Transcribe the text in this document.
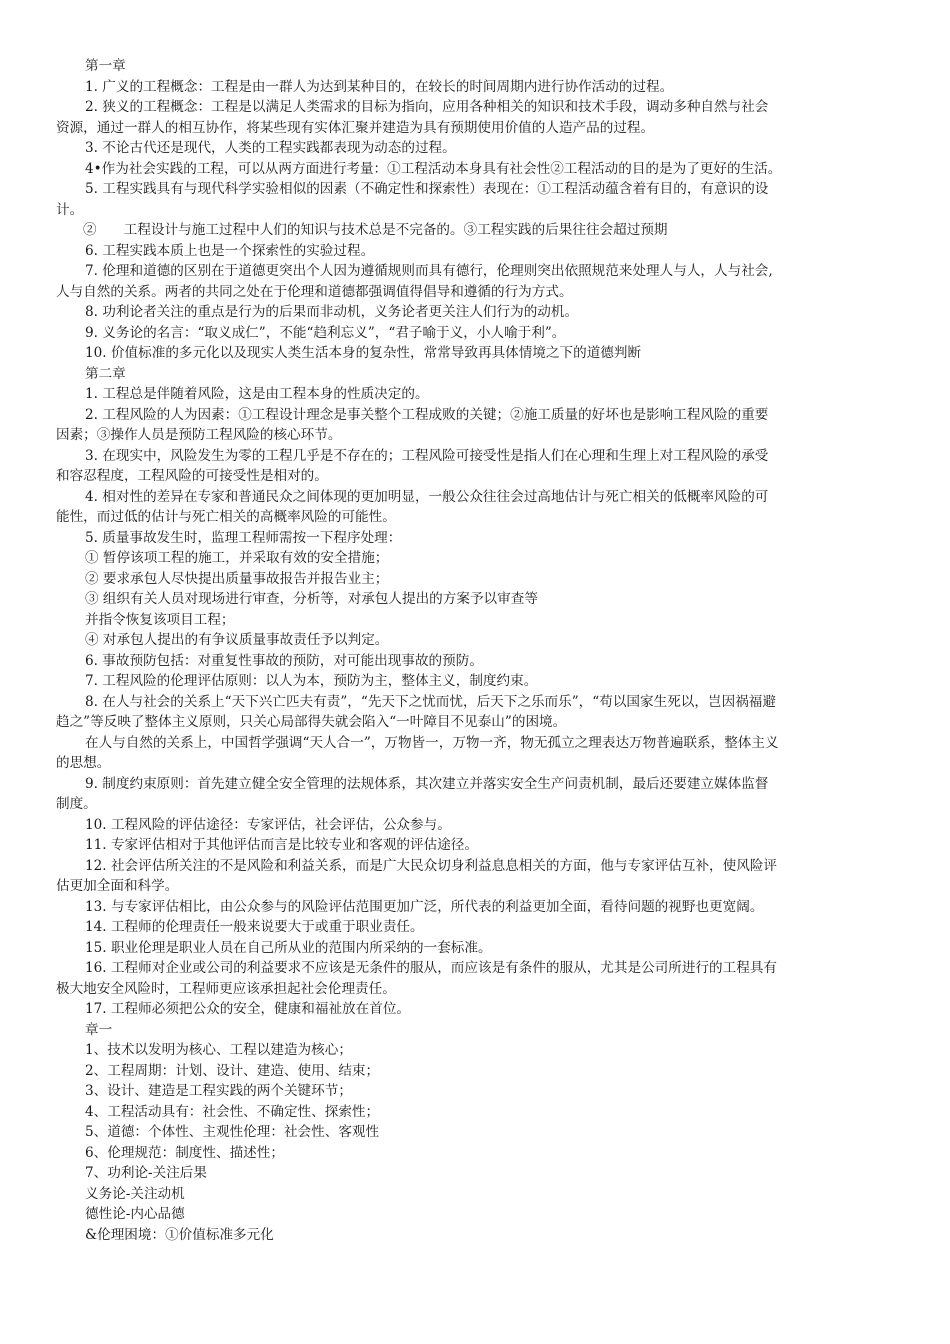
第一章
1. 广义的工程概念：工程是由一群人为达到某种目的，在较长的时间周期内进行协作活动的过程。
2. 狭义的工程概念：工程是以满足人类需求的目标为指向，应用各种相关的知识和技术手段，调动多种自然与社会
资源，通过一群人的相互协作，将某些现有实体汇聚并建造为具有预期使用价值的人造产品的过程。
3. 不论古代还是现代，人类的工程实践都表现为动态的过程。
4•作为社会实践的工程，可以从两方面进行考量：①工程活动本身具有社会性②工程活动的目的是为了更好的生活。
5. 工程实践具有与现代科学实验相似的因素（不确定性和探索性）表现在：①工程活动蕴含着有目的，有意识的设
计。
②　　工程设计与施工过程中人们的知识与技术总是不完备的。③工程实践的后果往往会超过预期
6. 工程实践本质上也是一个探索性的实验过程。
7. 伦理和道德的区别在于道德更突出个人因为遵循规则而具有德行，伦理则突出依照规范来处理人与人，人与社会,
人与自然的关系。两者的共同之处在于伦理和道德都强调值得倡导和遵循的行为方式。
8. 功利论者关注的重点是行为的后果而非动机，义务论者更关注人们行为的动机。
9. 义务论的名言：“取义成仁”，不能“趋利忘义”，“君子喻于义，小人喻于利”。
10. 价值标准的多元化以及现实人类生活本身的复杂性，常常导致再具体情境之下的道德判断
第二章
1. 工程总是伴随着风险，这是由工程本身的性质决定的。
2. 工程风险的人为因素：①工程设计理念是事关整个工程成败的关键；②施工质量的好坏也是影响工程风险的重要
因素；③操作人员是预防工程风险的核心环节。
3. 在现实中，风险发生为零的工程几乎是不存在的；工程风险可接受性是指人们在心理和生理上对工程风险的承受
和容忍程度，工程风险的可接受性是相对的。
4. 相对性的差异在专家和普通民众之间体现的更加明显，一般公众往往会过高地估计与死亡相关的低概率风险的可
能性，而过低的估计与死亡相关的高概率风险的可能性。
5. 质量事故发生时，监理工程师需按一下程序处理：
① 暂停该项工程的施工，并采取有效的安全措施；
② 要求承包人尽快提出质量事故报告并报告业主；
③ 组织有关人员对现场进行审查，分析等，对承包人提出的方案予以审查等
并指令恢复该项目工程；
④ 对承包人提出的有争议质量事故责任予以判定。
6. 事故预防包括：对重复性事故的预防，对可能出现事故的预防。
7. 工程风险的伦理评估原则：以人为本，预防为主，整体主义，制度约束。
8. 在人与社会的关系上“天下兴亡匹夫有责”，“先天下之忧而忧，后天下之乐而乐”，“苟以国家生死以，岂因祸福避
趋之”等反映了整体主义原则，只关心局部得失就会陷入“一叶障目不见泰山”的困境。
在人与自然的关系上，中国哲学强调“天人合一”，万物皆一，万物一齐，物无孤立之理表达万物普遍联系，整体主义
的思想。
9. 制度约束原则：首先建立健全安全管理的法规体系，其次建立并落实安全生产问责机制，最后还要建立媒体监督
制度。
10. 工程风险的评估途径：专家评估，社会评估，公众参与。
11. 专家评估相对于其他评估而言是比较专业和客观的评估途径。
12. 社会评估所关注的不是风险和利益关系，而是广大民众切身利益息息相关的方面，他与专家评估互补，使风险评
估更加全面和科学。
13. 与专家评估相比，由公众参与的风险评估范围更加广泛，所代表的利益更加全面，看待问题的视野也更宽阔。
14. 工程师的伦理责任一般来说要大于或重于职业责任。
15. 职业伦理是职业人员在自己所从业的范围内所采纳的一套标准。
16. 工程师对企业或公司的利益要求不应该是无条件的服从，而应该是有条件的服从，尤其是公司所进行的工程具有
极大地安全风险时，工程师更应该承担起社会伦理责任。
17. 工程师必须把公众的安全，健康和福祉放在首位。
章一
1、技术以发明为核心、工程以建造为核心；
2、工程周期：计划、设计、建造、使用、结束；
3、设计、建造是工程实践的两个关键环节；
4、工程活动具有：社会性、不确定性、探索性；
5、道德：个体性、主观性伦理：社会性、客观性
6、伦理规范：制度性、描述性；
7、功利论-关注后果
义务论-关注动机
德性论-内心品德
&伦理困境：①价值标准多元化
